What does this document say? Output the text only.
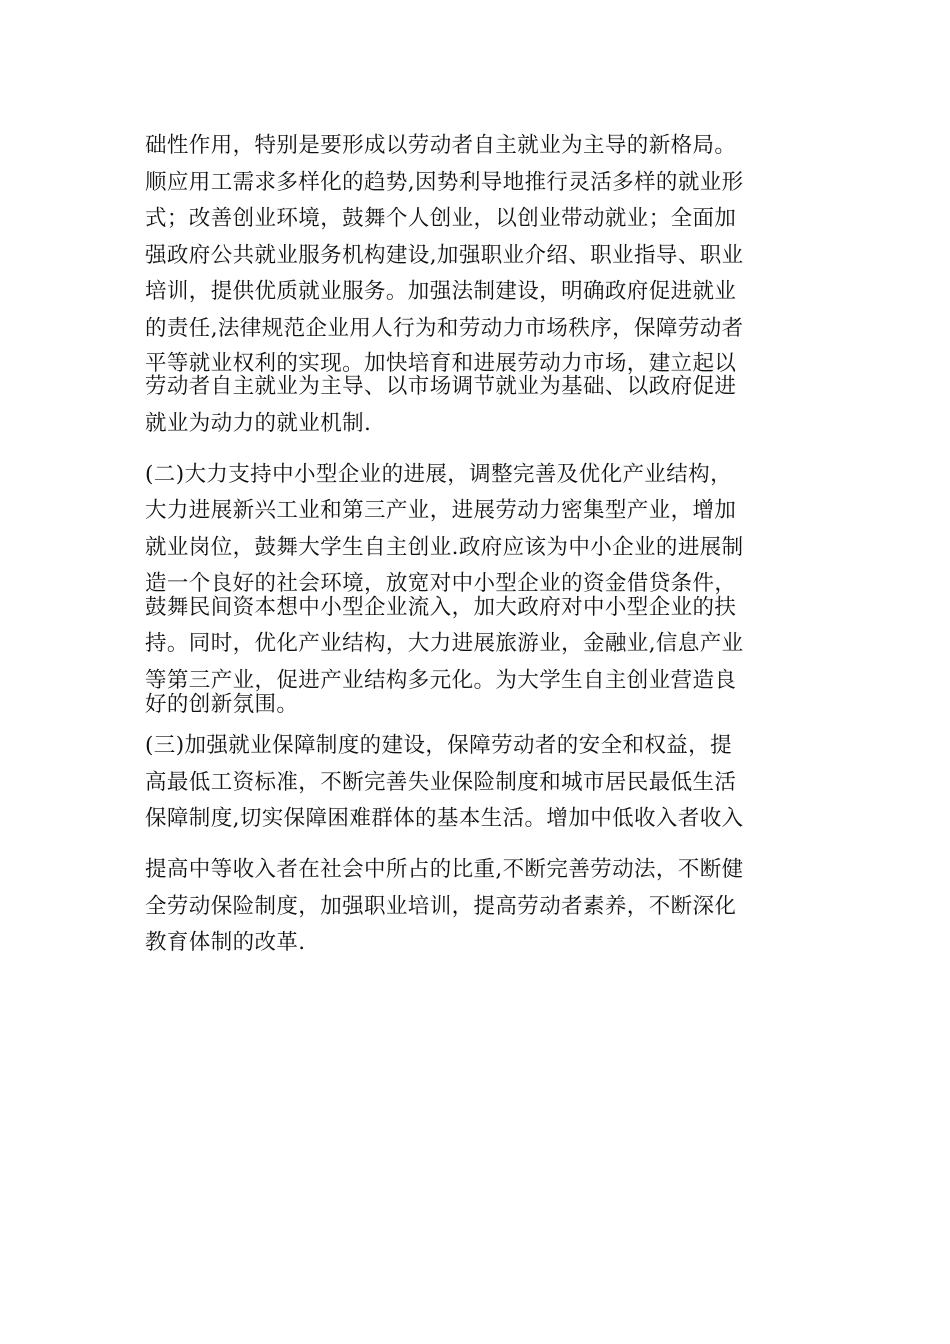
础性作用，特别是要形成以劳动者自主就业为主导的新格局。
顺应用工需求多样化的趋势,因势利导地推行灵活多样的就业形
式；改善创业环境，鼓舞个人创业，以创业带动就业；全面加
强政府公共就业服务机构建设,加强职业介绍、职业指导、职业
培训，提供优质就业服务。加强法制建设，明确政府促进就业
的责任,法律规范企业用人行为和劳动力市场秩序，保障劳动者
平等就业权利的实现。加快培育和进展劳动力市场，建立起以
劳动者自主就业为主导、以市场调节就业为基础、以政府促进
就业为动力的就业机制.
(二)大力支持中小型企业的进展，调整完善及优化产业结构，
大力进展新兴工业和第三产业，进展劳动力密集型产业，增加
就业岗位，鼓舞大学生自主创业.政府应该为中小企业的进展制
造一个良好的社会环境，放宽对中小型企业的资金借贷条件，
鼓舞民间资本想中小型企业流入，加大政府对中小型企业的扶
持。同时，优化产业结构，大力进展旅游业，金融业,信息产业
等第三产业，促进产业结构多元化。为大学生自主创业营造良
好的创新氛围。
(三)加强就业保障制度的建设，保障劳动者的安全和权益，提
高最低工资标准，不断完善失业保险制度和城市居民最低生活
保障制度,切实保障困难群体的基本生活。增加中低收入者收入
提高中等收入者在社会中所占的比重,不断完善劳动法，不断健
全劳动保险制度，加强职业培训，提高劳动者素养，不断深化
教育体制的改革.
